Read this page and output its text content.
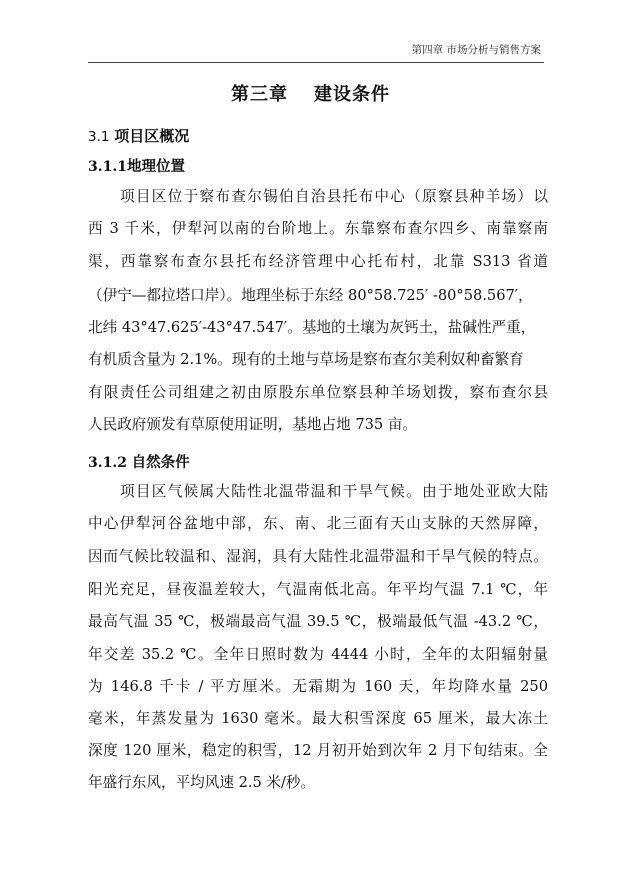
第四章 市场分析与销售方案
第三章 建设条件
3.1 项目区概况
3.1.1地理位置
项目区位于察布查尔锡伯自治县托布中心（原察县种羊场）以
西 3 千米，伊犁河以南的台阶地上。东靠察布查尔四乡、南靠察南
渠，西靠察布查尔县托布经济管理中心托布村，北靠 S313 省道
（伊宁—都拉塔口岸）。地理坐标于东经 80°58.725′ -80°58.567′，
北纬 43°47.625′-43°47.547′。基地的土壤为灰钙土，盐碱性严重，
有机质含量为 2.1%。现有的土地与草场是察布查尔美利奴种畜繁育
有限责任公司组建之初由原股东单位察县种羊场划拨，察布查尔县
人民政府颁发有草原使用证明，基地占地 735 亩。
3.1.2 自然条件
项目区气候属大陆性北温带温和干旱气候。由于地处亚欧大陆
中心伊犁河谷盆地中部，东、南、北三面有天山支脉的天然屏障，
因而气候比较温和、湿润，具有大陆性北温带温和干旱气候的特点。
阳光充足，昼夜温差较大，气温南低北高。年平均气温 7.1 ℃，年
最高气温 35 ℃，极端最高气温 39.5 ℃，极端最低气温 -43.2 ℃，
年交差 35.2 ℃。全年日照时数为 4444 小时，全年的太阳辐射量
为 146.8 千卡 / 平方厘米。无霜期为 160 天，年均降水量 250
毫米，年蒸发量为 1630 毫米。最大积雪深度 65 厘米，最大冻土
深度 120 厘米，稳定的积雪，12 月初开始到次年 2 月下旬结束。全
年盛行东风，平均风速 2.5 米/秒。
